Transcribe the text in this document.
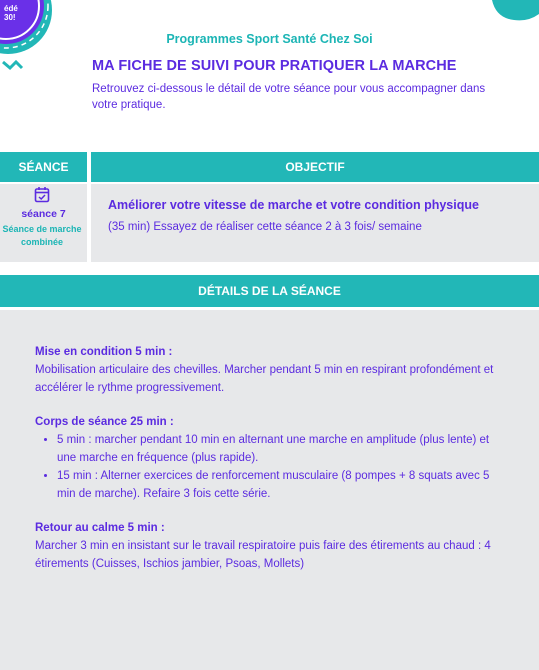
édé
30!
Programmes Sport Santé Chez Soi
MA FICHE DE SUIVI POUR PRATIQUER LA MARCHE
Retrouvez ci-dessous le détail de votre séance pour vous accompagner dans votre pratique.
SÉANCE	OBJECTIF
séance 7
Séance de marche combinée
Améliorer votre vitesse de marche et votre condition physique
(35 min) Essayez de réaliser cette séance 2 à 3 fois/ semaine
DÉTAILS DE LA SÉANCE
Mise en condition 5 min :
Mobilisation articulaire des chevilles. Marcher pendant 5 min en respirant profondément et accélérer le rythme progressivement.
Corps de séance 25 min :
• 5 min : marcher pendant 10 min en alternant une marche en amplitude (plus lente) et une marche en fréquence (plus rapide).
• 15 min : Alterner exercices de renforcement musculaire (8 pompes + 8 squats avec 5 min de marche). Refaire 3 fois cette série.
Retour au calme 5 min :
Marcher 3 min en insistant sur le travail respiratoire puis faire des étirements au chaud : 4 étirements (Cuisses, Ischios jambier, Psoas, Mollets)
